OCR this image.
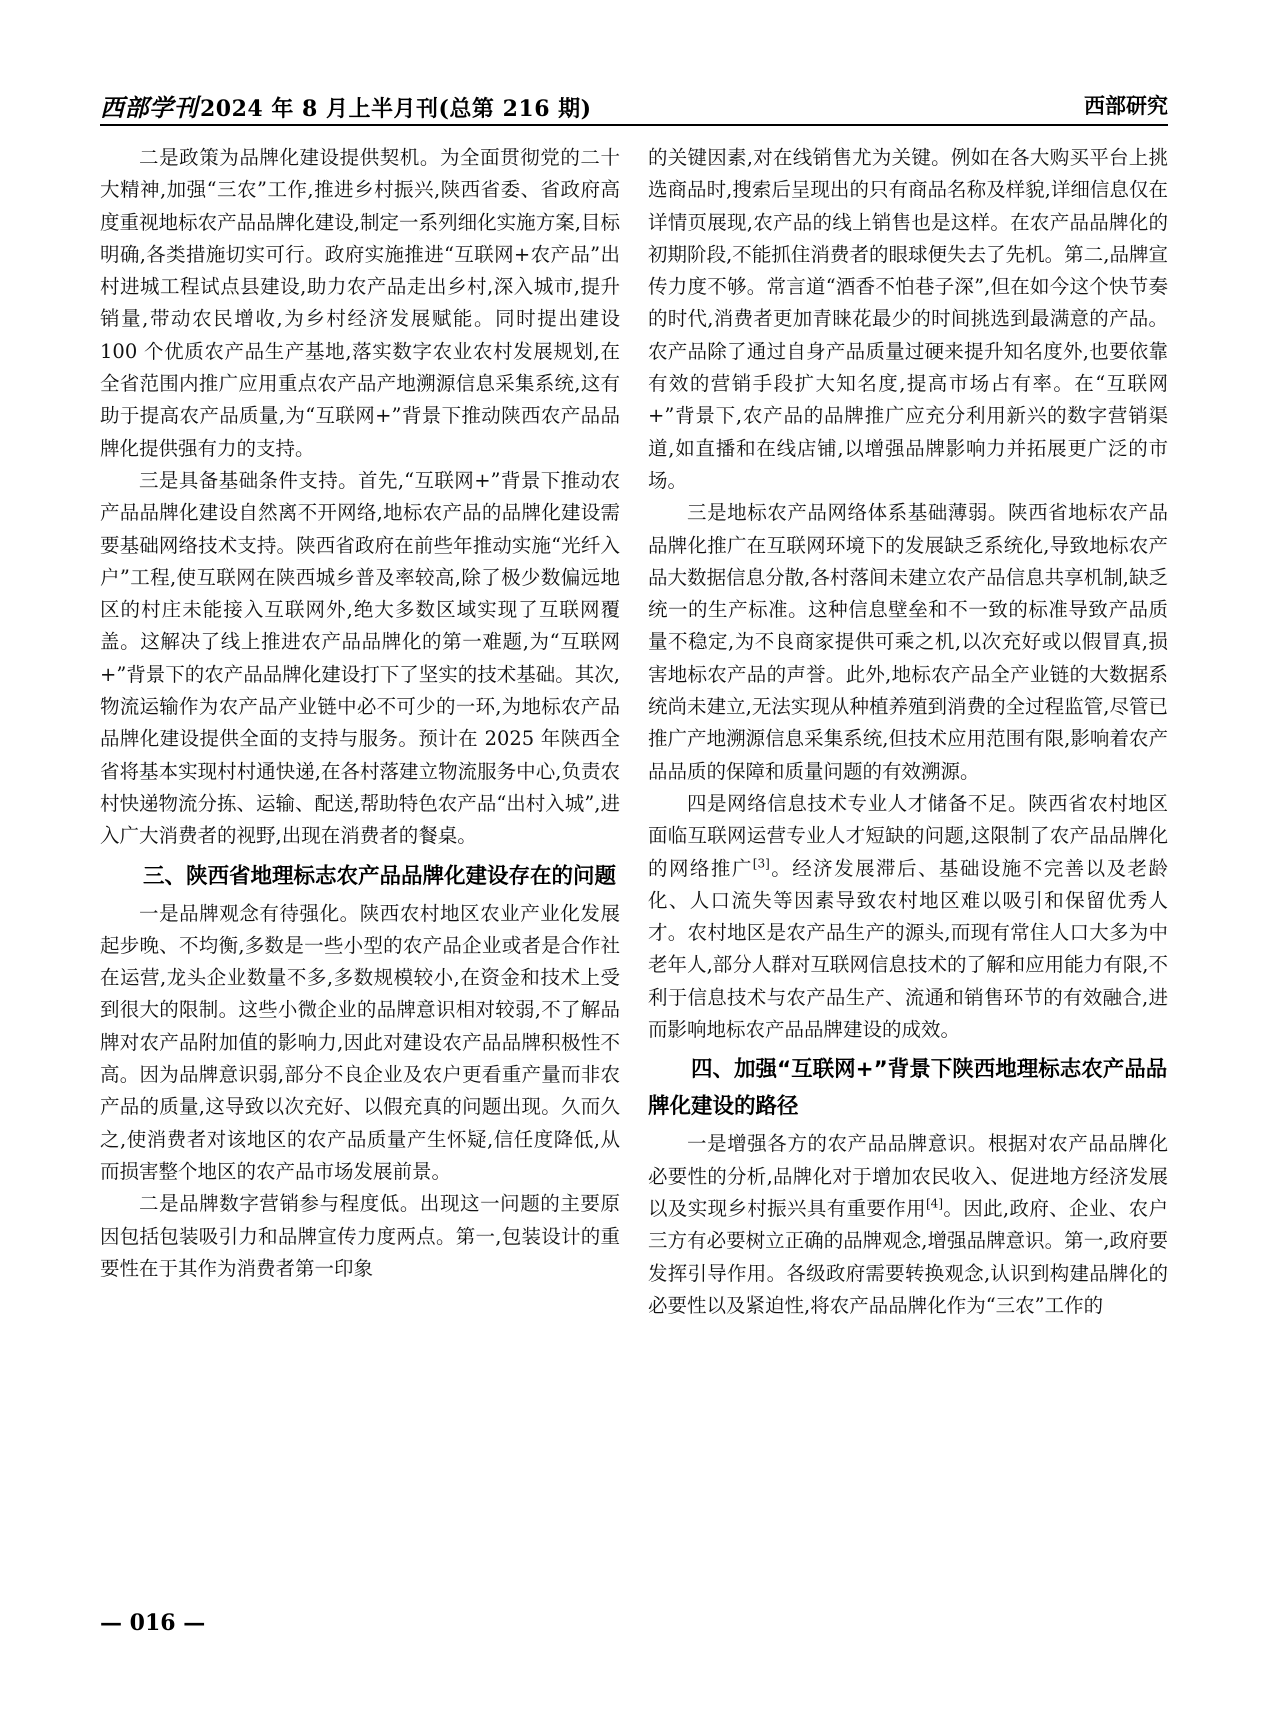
西部学刊2024 年 8 月上半月刊(总第 216 期)	西部研究

二是政策为品牌化建设提供契机。为全面贯彻党的二十大精神,加强“三农”工作,推进乡村振兴,陕西省委、省政府高度重视地标农产品品牌化建设,制定一系列细化实施方案,目标明确,各类措施切实可行。政府实施推进“互联网+农产品”出村进城工程试点县建设,助力农产品走出乡村,深入城市,提升销量,带动农民增收,为乡村经济发展赋能。同时提出建设 100 个优质农产品生产基地,落实数字农业农村发展规划,在全省范围内推广应用重点农产品产地溯源信息采集系统,这有助于提高农产品质量,为“互联网+”背景下推动陕西农产品品牌化提供强有力的支持。

三是具备基础条件支持。首先,“互联网+”背景下推动农产品品牌化建设自然离不开网络,地标农产品的品牌化建设需要基础网络技术支持。陕西省政府在前些年推动实施“光纤入户”工程,使互联网在陕西城乡普及率较高,除了极少数偏远地区的村庄未能接入互联网外,绝大多数区域实现了互联网覆盖。这解决了线上推进农产品品牌化的第一难题,为“互联网+”背景下的农产品品牌化建设打下了坚实的技术基础。其次,物流运输作为农产品产业链中必不可少的一环,为地标农产品品牌化建设提供全面的支持与服务。预计在 2025 年陕西全省将基本实现村村通快递,在各村落建立物流服务中心,负责农村快递物流分拣、运输、配送,帮助特色农产品“出村入城”,进入广大消费者的视野,出现在消费者的餐桌。

三、陕西省地理标志农产品品牌化建设存在的问题

一是品牌观念有待强化。陕西农村地区农业产业化发展起步晚、不均衡,多数是一些小型的农产品企业或者是合作社在运营,龙头企业数量不多,多数规模较小,在资金和技术上受到很大的限制。这些小微企业的品牌意识相对较弱,不了解品牌对农产品附加值的影响力,因此对建设农产品品牌积极性不高。因为品牌意识弱,部分不良企业及农户更看重产量而非农产品的质量,这导致以次充好、以假充真的问题出现。久而久之,使消费者对该地区的农产品质量产生怀疑,信任度降低,从而损害整个地区的农产品市场发展前景。

二是品牌数字营销参与程度低。出现这一问题的主要原因包括包装吸引力和品牌宣传力度两点。第一,包装设计的重要性在于其作为消费者第一印象

的关键因素,对在线销售尤为关键。例如在各大购买平台上挑选商品时,搜索后呈现出的只有商品名称及样貌,详细信息仅在详情页展现,农产品的线上销售也是这样。在农产品品牌化的初期阶段,不能抓住消费者的眼球便失去了先机。第二,品牌宣传力度不够。常言道“酒香不怕巷子深”,但在如今这个快节奏的时代,消费者更加青睐花最少的时间挑选到最满意的产品。农产品除了通过自身产品质量过硬来提升知名度外,也要依靠有效的营销手段扩大知名度,提高市场占有率。在“互联网+”背景下,农产品的品牌推广应充分利用新兴的数字营销渠道,如直播和在线店铺,以增强品牌影响力并拓展更广泛的市场。

三是地标农产品网络体系基础薄弱。陕西省地标农产品品牌化推广在互联网环境下的发展缺乏系统化,导致地标农产品大数据信息分散,各村落间未建立农产品信息共享机制,缺乏统一的生产标准。这种信息壁垒和不一致的标准导致产品质量不稳定,为不良商家提供可乘之机,以次充好或以假冒真,损害地标农产品的声誉。此外,地标农产品全产业链的大数据系统尚未建立,无法实现从种植养殖到消费的全过程监管,尽管已推广产地溯源信息采集系统,但技术应用范围有限,影响着农产品品质的保障和质量问题的有效溯源。

四是网络信息技术专业人才储备不足。陕西省农村地区面临互联网运营专业人才短缺的问题,这限制了农产品品牌化的网络推广[3]。经济发展滞后、基础设施不完善以及老龄化、人口流失等因素导致农村地区难以吸引和保留优秀人才。农村地区是农产品生产的源头,而现有常住人口大多为中老年人,部分人群对互联网信息技术的了解和应用能力有限,不利于信息技术与农产品生产、流通和销售环节的有效融合,进而影响地标农产品品牌建设的成效。

四、加强“互联网+”背景下陕西地理标志农产品品牌化建设的路径

一是增强各方的农产品品牌意识。根据对农产品品牌化必要性的分析,品牌化对于增加农民收入、促进地方经济发展以及实现乡村振兴具有重要作用[4]。因此,政府、企业、农户三方有必要树立正确的品牌观念,增强品牌意识。第一,政府要发挥引导作用。各级政府需要转换观念,认识到构建品牌化的必要性以及紧迫性,将农产品品牌化作为“三农”工作的

— 016 —
